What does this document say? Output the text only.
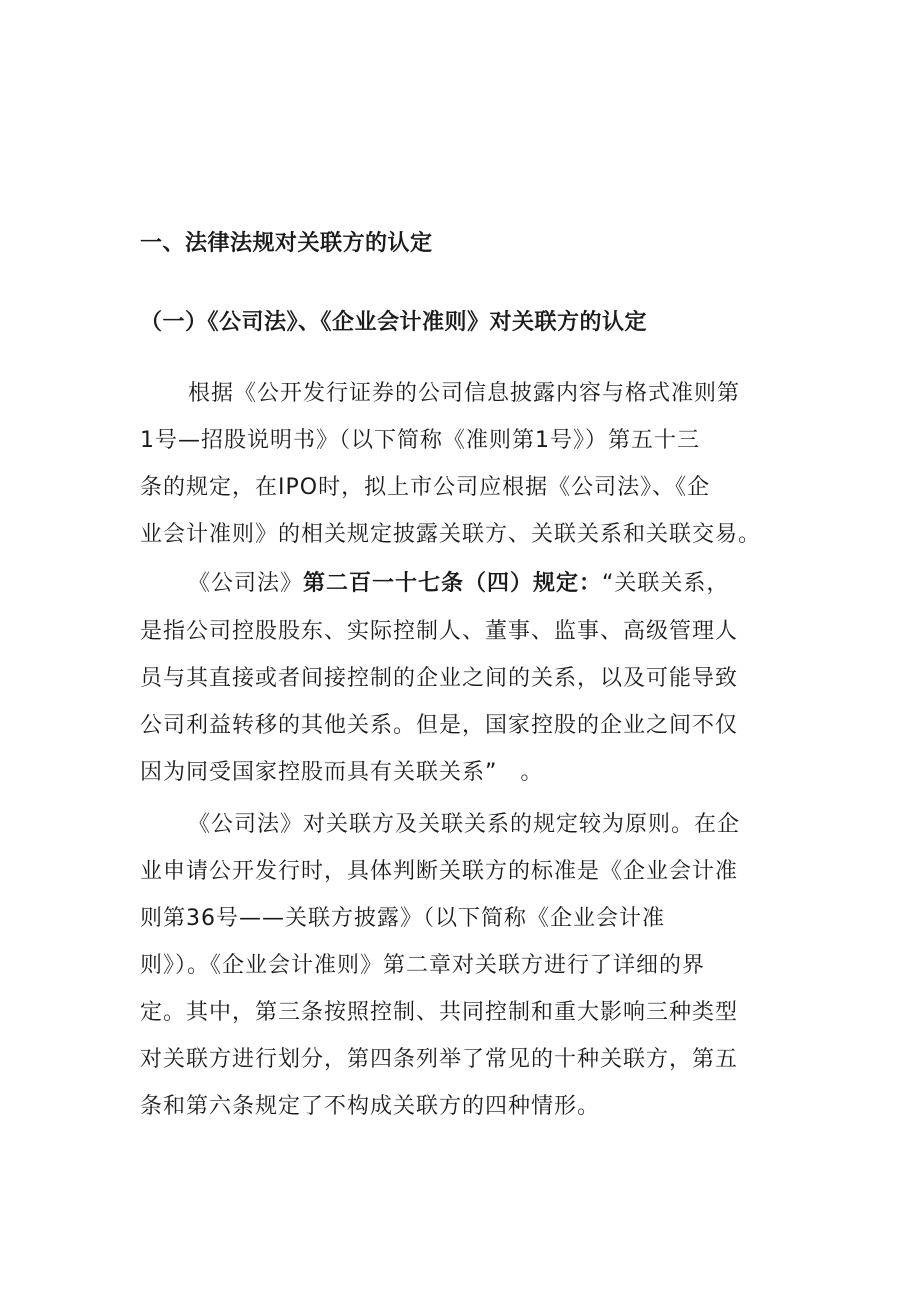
一、法律法规对关联方的认定
（一）《公司法》、《企业会计准则》对关联方的认定
根据《公开发行证券的公司信息披露内容与格式准则第
1号—招股说明书》（以下简称《准则第1号》）第五十三
条的规定，在IPO时，拟上市公司应根据《公司法》、《企
业会计准则》的相关规定披露关联方、关联关系和关联交易。
《公司法》第二百一十七条（四）规定：“关联关系，
是指公司控股股东、实际控制人、董事、监事、高级管理人
员与其直接或者间接控制的企业之间的关系，以及可能导致
公司利益转移的其他关系。但是，国家控股的企业之间不仅
因为同受国家控股而具有关联关系”　。
《公司法》对关联方及关联关系的规定较为原则。在企
业申请公开发行时，具体判断关联方的标准是《企业会计准
则第36号——关联方披露》（以下简称《企业会计准
则》）。《企业会计准则》第二章对关联方进行了详细的界
定。其中，第三条按照控制、共同控制和重大影响三种类型
对关联方进行划分，第四条列举了常见的十种关联方，第五
条和第六条规定了不构成关联方的四种情形。
